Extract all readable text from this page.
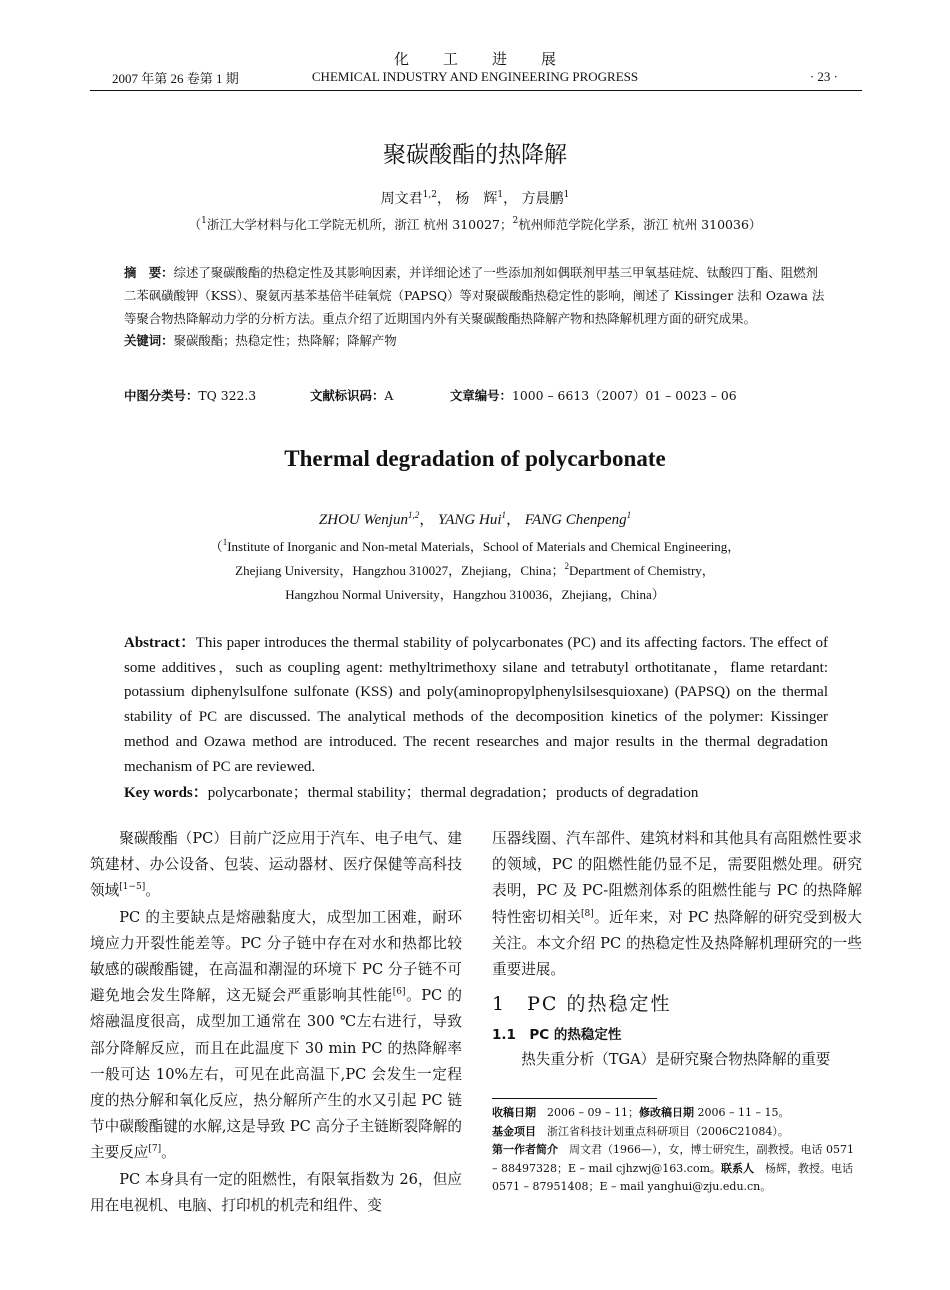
化工进展
2007 年第 26 卷第 1 期	CHEMICAL INDUSTRY AND ENGINEERING PROGRESS	· 23 ·
聚碳酸酯的热降解
周文君$^{1,2}$， 杨　辉$^1$， 方晨鹏$^1$
（$^1$浙江大学材料与化工学院无机所，浙江 杭州 310027；$^2$杭州师范学院化学系，浙江 杭州 310036）
摘　要：综述了聚碳酸酯的热稳定性及其影响因素，并详细论述了一些添加剂如偶联剂甲基三甲氧基硅烷、钛酸四丁酯、阻燃剂二苯砜磺酸钾（KSS）、聚氨丙基苯基倍半硅氧烷（PAPSQ）等对聚碳酸酯热稳定性的影响，阐述了 Kissinger 法和 Ozawa 法等聚合物热降解动力学的分析方法。重点介绍了近期国内外有关聚碳酸酯热降解产物和热降解机理方面的研究成果。
关键词：聚碳酸酯；热稳定性；热降解；降解产物
中图分类号：TQ 322.3	文献标识码：A	文章编号：1000 – 6613（2007）01 – 0023 – 06
Thermal degradation of polycarbonate
ZHOU Wenjun$^{1,2}$， YANG Hui$^1$， FANG Chenpeng$^1$
（$^1$Institute of Inorganic and Non-metal Materials，School of Materials and Chemical Engineering，
Zhejiang University，Hangzhou 310027，Zhejiang，China；$^2$Department of Chemistry，
Hangzhou Normal University，Hangzhou 310036，Zhejiang，China）
Abstract：This paper introduces the thermal stability of polycarbonates (PC) and its affecting factors. The effect of some additives，such as coupling agent: methyltrimethoxy silane and tetrabutyl orthotitanate，flame retardant: potassium diphenylsulfone sulfonate (KSS) and poly(aminopropylphenylsilsesquioxane) (PAPSQ) on the thermal stability of PC are discussed. The analytical methods of the decomposition kinetics of the polymer: Kissinger method and Ozawa method are introduced. The recent researches and major results in the thermal degradation mechanism of PC are reviewed.
Key words：polycarbonate；thermal stability；thermal degradation；products of degradation

聚碳酸酯（PC）目前广泛应用于汽车、电子电气、建筑建材、办公设备、包装、运动器材、医疗保健等高科技领域[1−5]。

PC 的主要缺点是熔融黏度大，成型加工困难，耐环境应力开裂性能差等。PC 分子链中存在对水和热都比较敏感的碳酸酯键，在高温和潮湿的环境下 PC 分子链不可避免地会发生降解，这无疑会严重影响其性能[6]。PC 的熔融温度很高，成型加工通常在 300 ℃左右进行，导致部分降解反应，而且在此温度下 30 min PC 的热降解率一般可达 10%左右，可见在此高温下,PC 会发生一定程度的热分解和氧化反应，热分解所产生的水又引起 PC 链节中碳酸酯键的水解,这是导致 PC 高分子主链断裂降解的主要反应[7]。

PC 本身具有一定的阻燃性，有限氧指数为 26，但应用在电视机、电脑、打印机的机壳和组件、变

压器线圈、汽车部件、建筑材料和其他具有高阻燃性要求的领域，PC 的阻燃性能仍显不足，需要阻燃处理。研究表明，PC 及 PC-阻燃剂体系的阻燃性能与 PC 的热降解特性密切相关[8]。近年来，对 PC 热降解的研究受到极大关注。本文介绍 PC 的热稳定性及热降解机理研究的一些重要进展。

1　PC 的热稳定性
1.1　PC 的热稳定性

热失重分析（TGA）是研究聚合物热降解的重要

收稿日期　 2006 – 09 – 11；修改稿日期 2006 – 11 – 15。
基金项目　 浙江省科技计划重点科研项目（2006C21084）。
第一作者简介　 周文君（1966—），女，博士研究生，副教授。电话 0571 – 88497328；E – mail cjhzwj@163.com。联系人　 杨辉，教授。电话 0571 – 87951408；E – mail yanghui@zju.edu.cn。
